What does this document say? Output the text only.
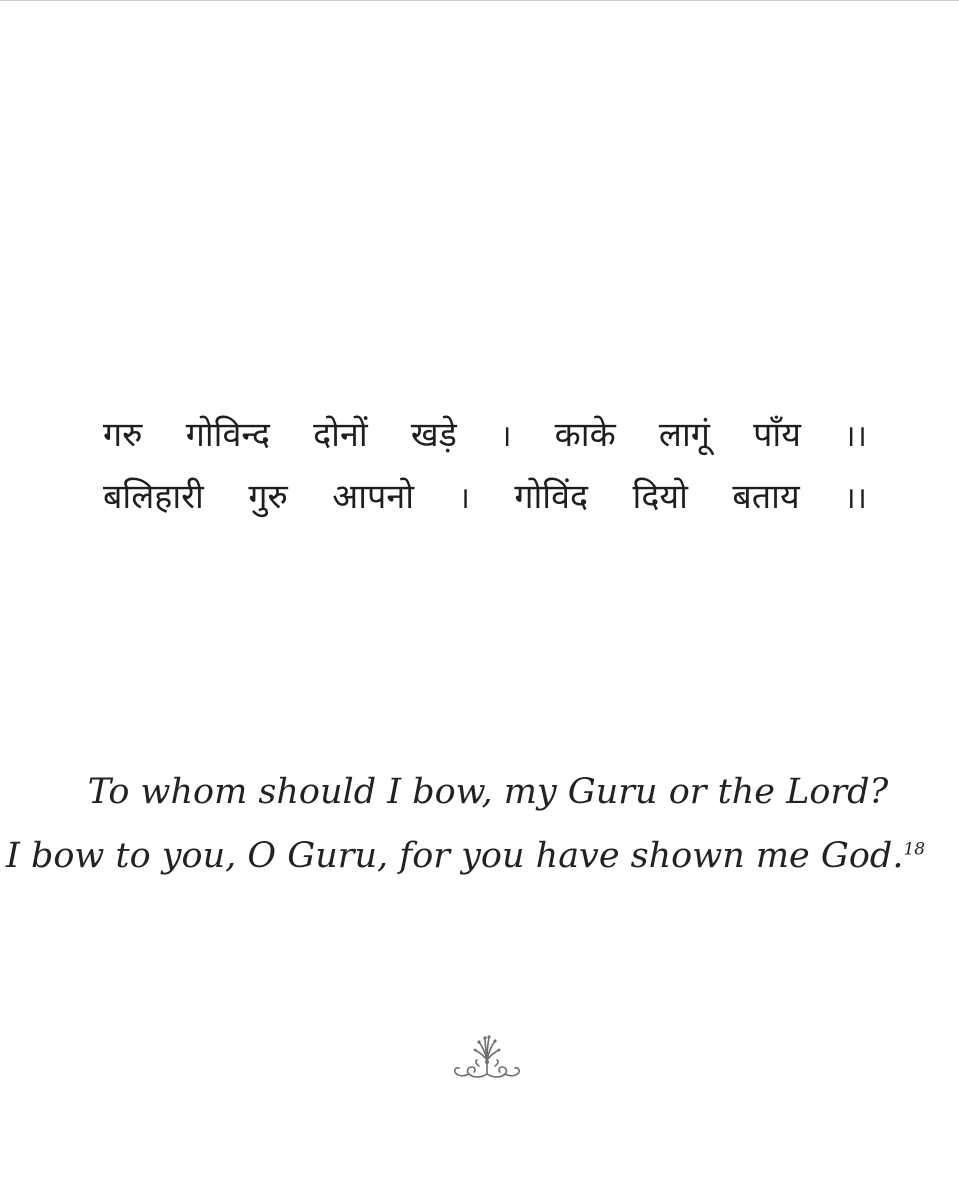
गरु गोविन्द दोनों खड़े । काके लागूं पाँय ।।
बलिहारी गुरु आपनो । गोविंद दियो बताय ।।
To whom should I bow, my Guru or the Lord?
I bow to you, O Guru, for you have shown me God.$^{18}$
